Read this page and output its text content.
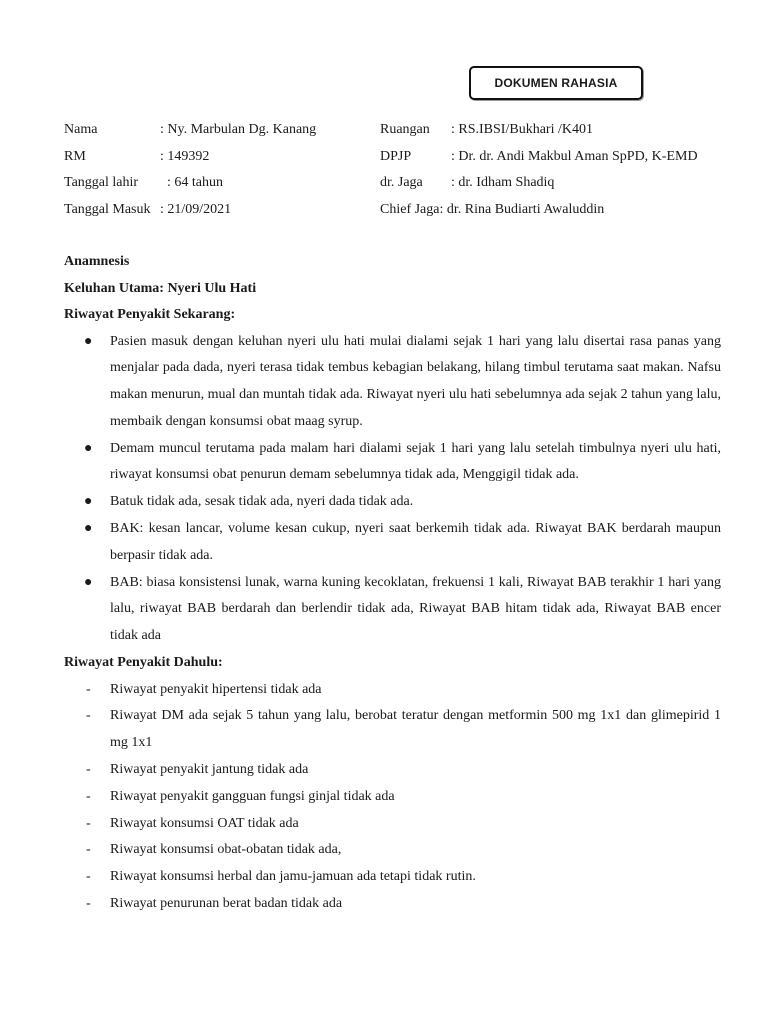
DOKUMEN RAHASIA
Nama	: Ny. Marbulan Dg. Kanang
RM	: 149392
Tanggal lahir	: 64 tahun
Tanggal Masuk : 21/09/2021
Ruangan	: RS.IBSI/Bukhari /K401
DPJP	: Dr. dr. Andi Makbul Aman SpPD, K-EMD
dr. Jaga	: dr. Idham Shadiq
Chief Jaga : dr. Rina Budiarti Awaluddin
Anamnesis
Keluhan Utama: Nyeri Ulu Hati
Riwayat Penyakit Sekarang:
● Pasien masuk dengan keluhan nyeri ulu hati mulai dialami sejak 1 hari yang lalu disertai rasa panas yang menjalar pada dada, nyeri terasa tidak tembus kebagian belakang, hilang timbul terutama saat makan. Nafsu makan menurun, mual dan muntah tidak ada. Riwayat nyeri ulu hati sebelumnya ada sejak 2 tahun yang lalu, membaik dengan konsumsi obat maag syrup.
● Demam muncul terutama pada malam hari dialami sejak 1 hari yang lalu setelah timbulnya nyeri ulu hati, riwayat konsumsi obat penurun demam sebelumnya tidak ada, Menggigil tidak ada.
● Batuk tidak ada, sesak tidak ada, nyeri dada tidak ada.
● BAK: kesan lancar, volume kesan cukup, nyeri saat berkemih tidak ada. Riwayat BAK berdarah maupun berpasir tidak ada.
● BAB: biasa konsistensi lunak, warna kuning kecoklatan, frekuensi 1 kali, Riwayat BAB terakhir 1 hari yang lalu, riwayat BAB berdarah dan berlendir tidak ada, Riwayat BAB hitam tidak ada, Riwayat BAB encer tidak ada
Riwayat Penyakit Dahulu:
- Riwayat penyakit hipertensi tidak ada
- Riwayat DM ada sejak 5 tahun yang lalu, berobat teratur dengan metformin 500 mg 1x1 dan glimepirid 1 mg 1x1
- Riwayat penyakit jantung tidak ada
- Riwayat penyakit gangguan fungsi ginjal tidak ada
- Riwayat konsumsi OAT tidak ada
- Riwayat konsumsi obat-obatan tidak ada,
- Riwayat konsumsi herbal dan jamu-jamuan ada tetapi tidak rutin.
- Riwayat penurunan berat badan tidak ada
